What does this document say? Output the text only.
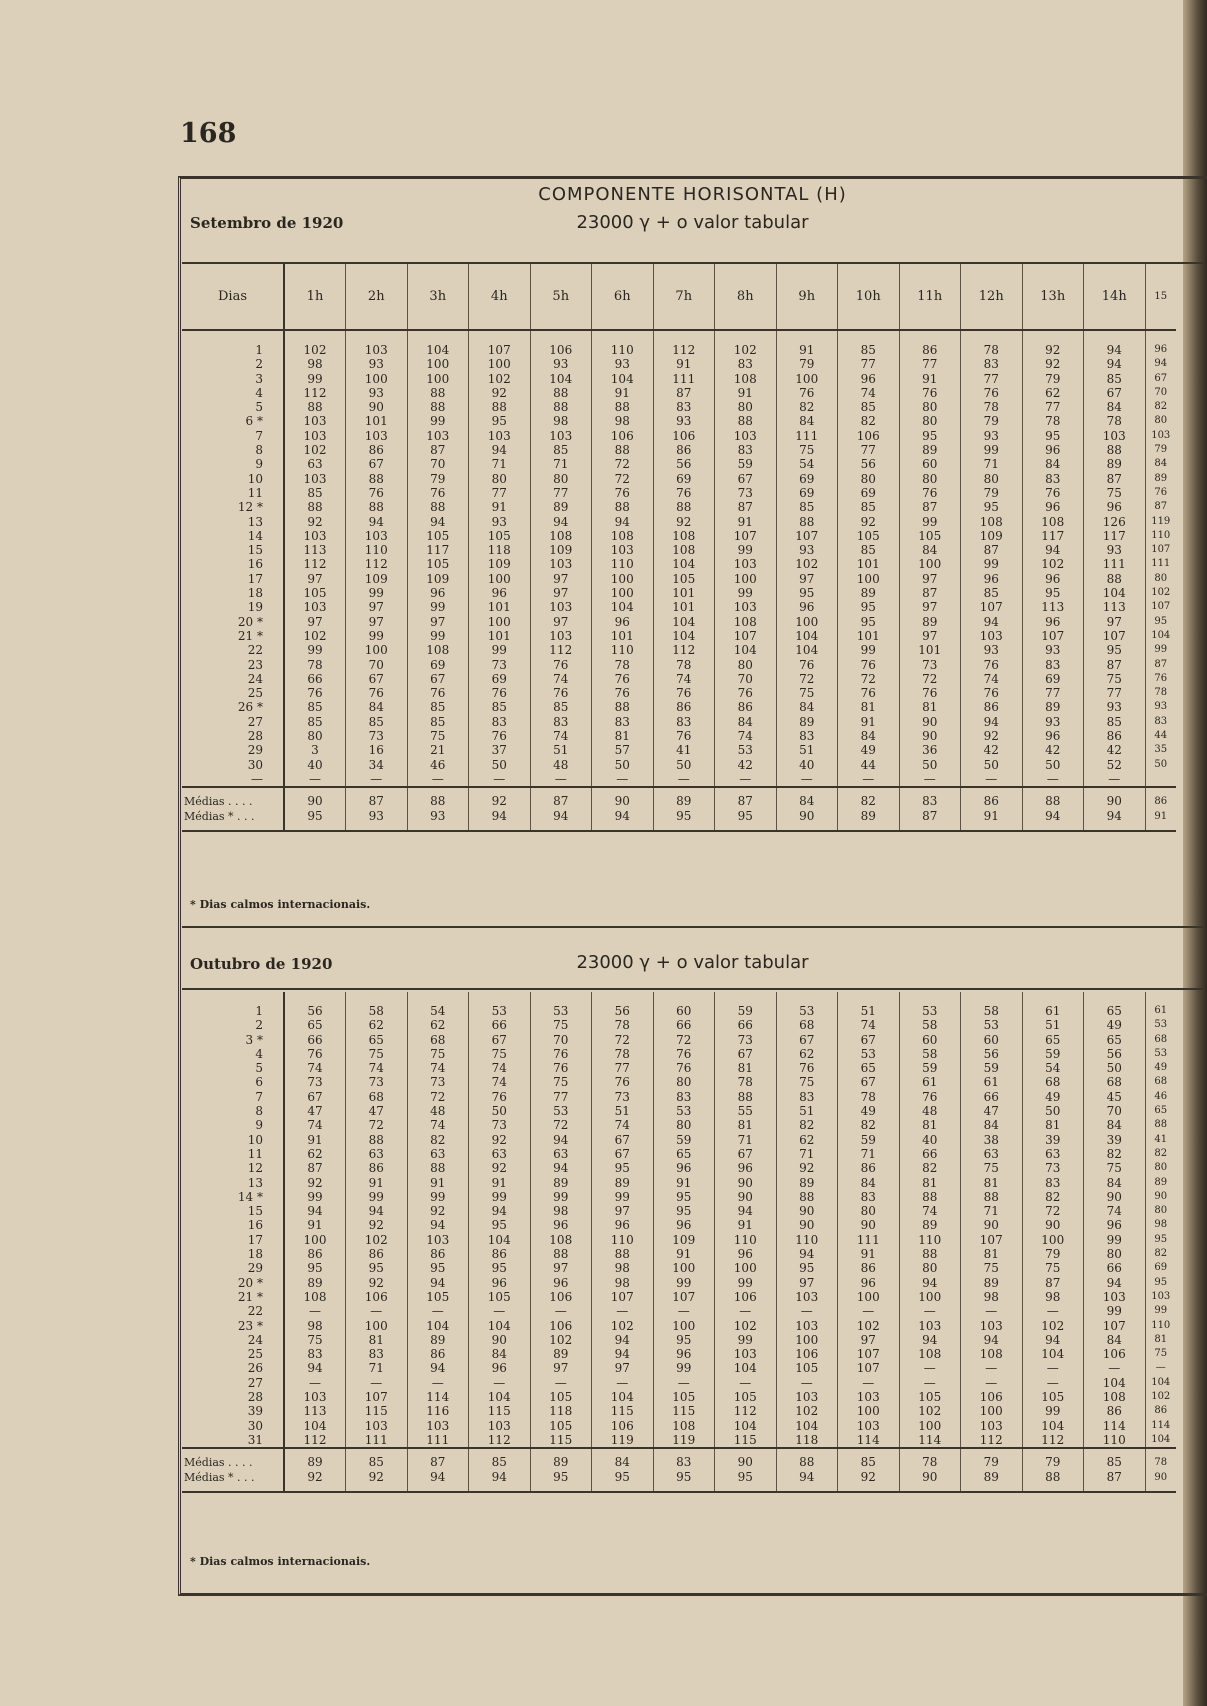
168
COMPONENTE HORISONTAL (H)
23000 γ + o valor tabular
Setembro de 1920
Dias	1h	2h	3h	4h	5h	6h	7h	8h	9h	10h	11h	12h	13h	14h	15

1	102	103	104	107	106	110	112	102	91	85	86	78	92	94	96
2	98	93	100	100	93	93	91	83	79	77	77	83	92	94	94
3	99	100	100	102	104	104	111	108	100	96	91	77	79	85	67
4	112	93	88	92	88	91	87	91	76	74	76	76	62	67	70
5	88	90	88	88	88	88	83	80	82	85	80	78	77	84	82
6 *	103	101	99	95	98	98	93	88	84	82	80	79	78	78	80
7	103	103	103	103	103	106	106	103	111	106	95	93	95	103	103
8	102	86	87	94	85	88	86	83	75	77	89	99	96	88	79
9	63	67	70	71	71	72	56	59	54	56	60	71	84	89	84
10	103	88	79	80	80	72	69	67	69	80	80	80	83	87	89
11	85	76	76	77	77	76	76	73	69	69	76	79	76	75	76
12 *	88	88	88	91	89	88	88	87	85	85	87	95	96	96	87
13	92	94	94	93	94	94	92	91	88	92	99	108	108	126	119
14	103	103	105	105	108	108	108	107	107	105	105	109	117	117	110
15	113	110	117	118	109	103	108	99	93	85	84	87	94	93	107
16	112	112	105	109	103	110	104	103	102	101	100	99	102	111	111
17	97	109	109	100	97	100	105	100	97	100	97	96	96	88	80
18	105	99	96	96	97	100	101	99	95	89	87	85	95	104	102
19	103	97	99	101	103	104	101	103	96	95	97	107	113	113	107
20 *	97	97	97	100	97	96	104	108	100	95	89	94	96	97	95
21 *	102	99	99	101	103	101	104	107	104	101	97	103	107	107	104
22	99	100	108	99	112	110	112	104	104	99	101	93	93	95	99
23	78	70	69	73	76	78	78	80	76	76	73	76	83	87	87
24	66	67	67	69	74	76	74	70	72	72	72	74	69	75	76
25	76	76	76	76	76	76	76	76	75	76	76	76	77	77	78
26 *	85	84	85	85	85	88	86	86	84	81	81	86	89	93	93
27	85	85	85	83	83	83	83	84	89	91	90	94	93	85	83
28	80	73	75	76	74	81	76	74	83	84	90	92	96	86	44
29	3	16	21	37	51	57	41	53	51	49	36	42	42	42	35
30	40	34	46	50	48	50	50	42	40	44	50	50	50	52	50
—	—	—	—	—	—	—	—	—	—	—	—	—	—	—	

Médias . . . .	90	87	88	92	87	90	89	87	84	82	83	86	88	90	86
Médias * . . .	95	93	93	94	94	94	95	95	90	89	87	91	94	94	91

* Dias calmos internacionais.
Outubro de 1920	23000 γ + o valor tabular

1	56	58	54	53	53	56	60	59	53	51	53	58	61	65	61
2	65	62	62	66	75	78	66	66	68	74	58	53	51	49	53
3 *	66	65	68	67	70	72	72	73	67	67	60	60	65	65	68
4	76	75	75	75	76	78	76	67	62	53	58	56	59	56	53
5	74	74	74	74	76	77	76	81	76	65	59	59	54	50	49
6	73	73	73	74	75	76	80	78	75	67	61	61	68	68	68
7	67	68	72	76	77	73	83	88	83	78	76	66	49	45	46
8	47	47	48	50	53	51	53	55	51	49	48	47	50	70	65
9	74	72	74	73	72	74	80	81	82	82	81	84	81	84	88
10	91	88	82	92	94	67	59	71	62	59	40	38	39	39	41
11	62	63	63	63	63	67	65	67	71	71	66	63	63	82	82
12	87	86	88	92	94	95	96	96	92	86	82	75	73	75	80
13	92	91	91	91	89	89	91	90	89	84	81	81	83	84	89
14 *	99	99	99	99	99	99	95	90	88	83	88	88	82	90	90
15	94	94	92	94	98	97	95	94	90	80	74	71	72	74	80
16	91	92	94	95	96	96	96	91	90	90	89	90	90	96	98
17	100	102	103	104	108	110	109	110	110	111	110	107	100	99	95
18	86	86	86	86	88	88	91	96	94	91	88	81	79	80	82
29	95	95	95	95	97	98	100	100	95	86	80	75	75	66	69
20 *	89	92	94	96	96	98	99	99	97	96	94	89	87	94	95
21 *	108	106	105	105	106	107	107	106	103	100	100	98	98	103	103
22	—	—	—	—	—	—	—	—	—	—	—	—	—	99	99
23 *	98	100	104	104	106	102	100	102	103	102	103	103	102	107	110
24	75	81	89	90	102	94	95	99	100	97	94	94	94	84	81
25	83	83	86	84	89	94	96	103	106	107	108	108	104	106	75
26	94	71	94	96	97	97	99	104	105	107	—	—	—	—	—
27	—	—	—	—	—	—	—	—	—	—	—	—	—	104	104
28	103	107	114	104	105	104	105	105	103	103	105	106	105	108	102
39	113	115	116	115	118	115	115	112	102	100	102	100	99	86	86
30	104	103	103	103	105	106	108	104	104	103	100	103	104	114	114
31	112	111	111	112	115	119	119	115	118	114	114	112	112	110	104

Médias . . . .	89	85	87	85	89	84	83	90	88	85	78	79	79	85	78
Médias * . . .	92	92	94	94	95	95	95	95	94	92	90	89	88	87	90

* Dias calmos internacionais.
